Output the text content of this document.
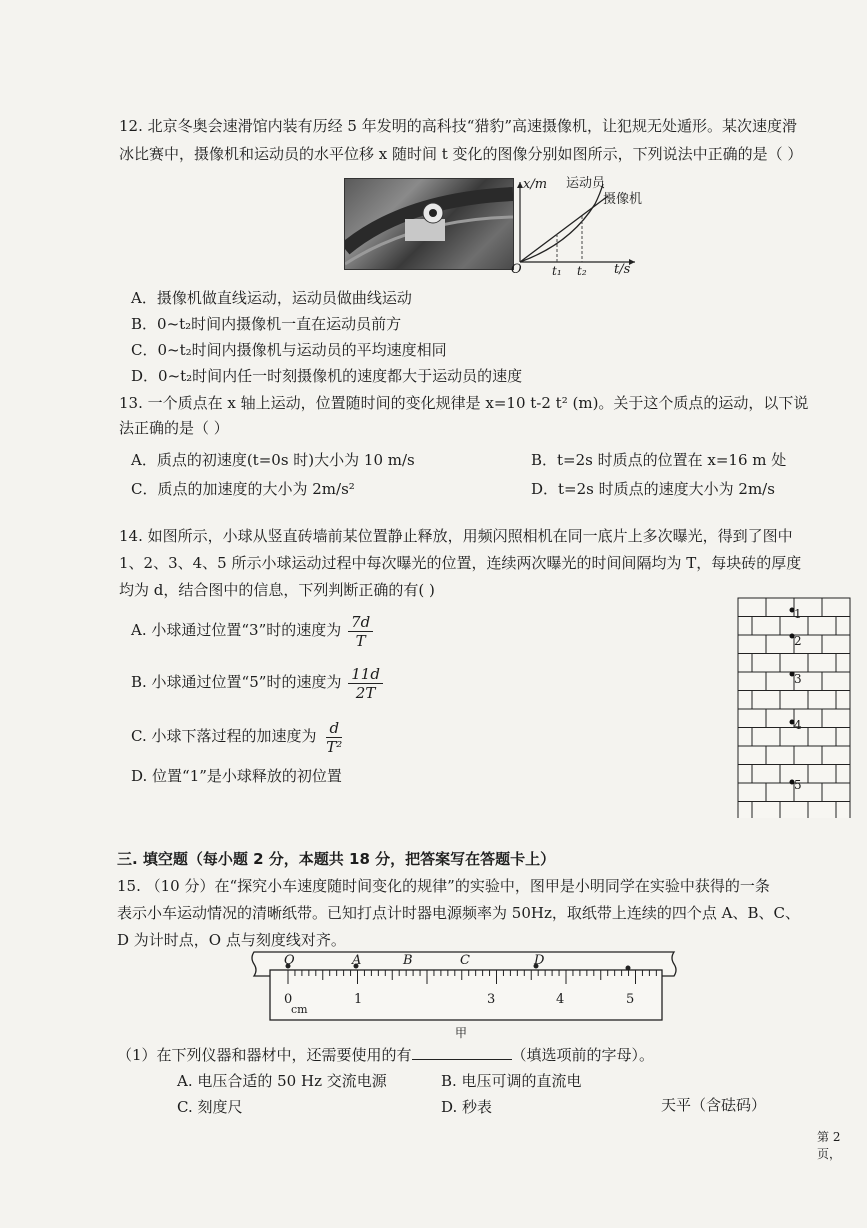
12. 北京冬奥会速滑馆内装有历经 5 年发明的高科技“猎豹”高速摄像机，让犯规无处遁形。某次速度滑
冰比赛中，摄像机和运动员的水平位移 x 随时间 t 变化的图像分别如图所示，下列说法中正确的是（ ）
x/m 运动员
摄像机
O	t₁ t₂ t/s
A．摄像机做直线运动，运动员做曲线运动
B．0~t₂时间内摄像机一直在运动员前方
C．0~t₂时间内摄像机与运动员的平均速度相同
D．0~t₂时间内任一时刻摄像机的速度都大于运动员的速度
13. 一个质点在 x 轴上运动，位置随时间的变化规律是 x=10 t-2 t² (m)。关于这个质点的运动，以下说
法正确的是（ ）
A．质点的初速度(t=0s 时)大小为 10 m/s	B．t=2s 时质点的位置在 x=16 m 处
C．质点的加速度的大小为 2m/s²	D．t=2s 时质点的速度大小为 2m/s
14. 如图所示，小球从竖直砖墙前某位置静止释放，用频闪照相机在同一底片上多次曝光，得到了图中
1、2、3、4、5 所示小球运动过程中每次曝光的位置，连续两次曝光的时间间隔均为 T，每块砖的厚度
均为 d，结合图中的信息，下列判断正确的有( )
A. 小球通过位置“3”时的速度为 $\frac{7d}{T}$
B. 小球通过位置“5”时的速度为 $\frac{11d}{2T}$
C. 小球下落过程的加速度为 $\frac{d}{\text{T²}}$
D. 位置“1”是小球释放的初位置
1
2
3
4
5
三. 填空题（每小题 2 分，本题共 18 分，把答案写在答题卡上）
15. （10 分）在“探究小车速度随时间变化的规律”的实验中，图甲是小明同学在实验中获得的一条
表示小车运动情况的清晰纸带。已知打点计时器电源频率为 50Hz，取纸带上连续的四个点 A、B、C、
D 为计时点，O 点与刻度线对齐。
O	A	B	C	D
0	1	3	4	5
cm
甲
（1）在下列仪器和器材中，还需要使用的有	（填选项前的字母）。
A. 电压合适的 50 Hz 交流电源	B. 电压可调的直流电
C. 刻度尺	D. 秒表	天平（含砝码）
第 2 页，
